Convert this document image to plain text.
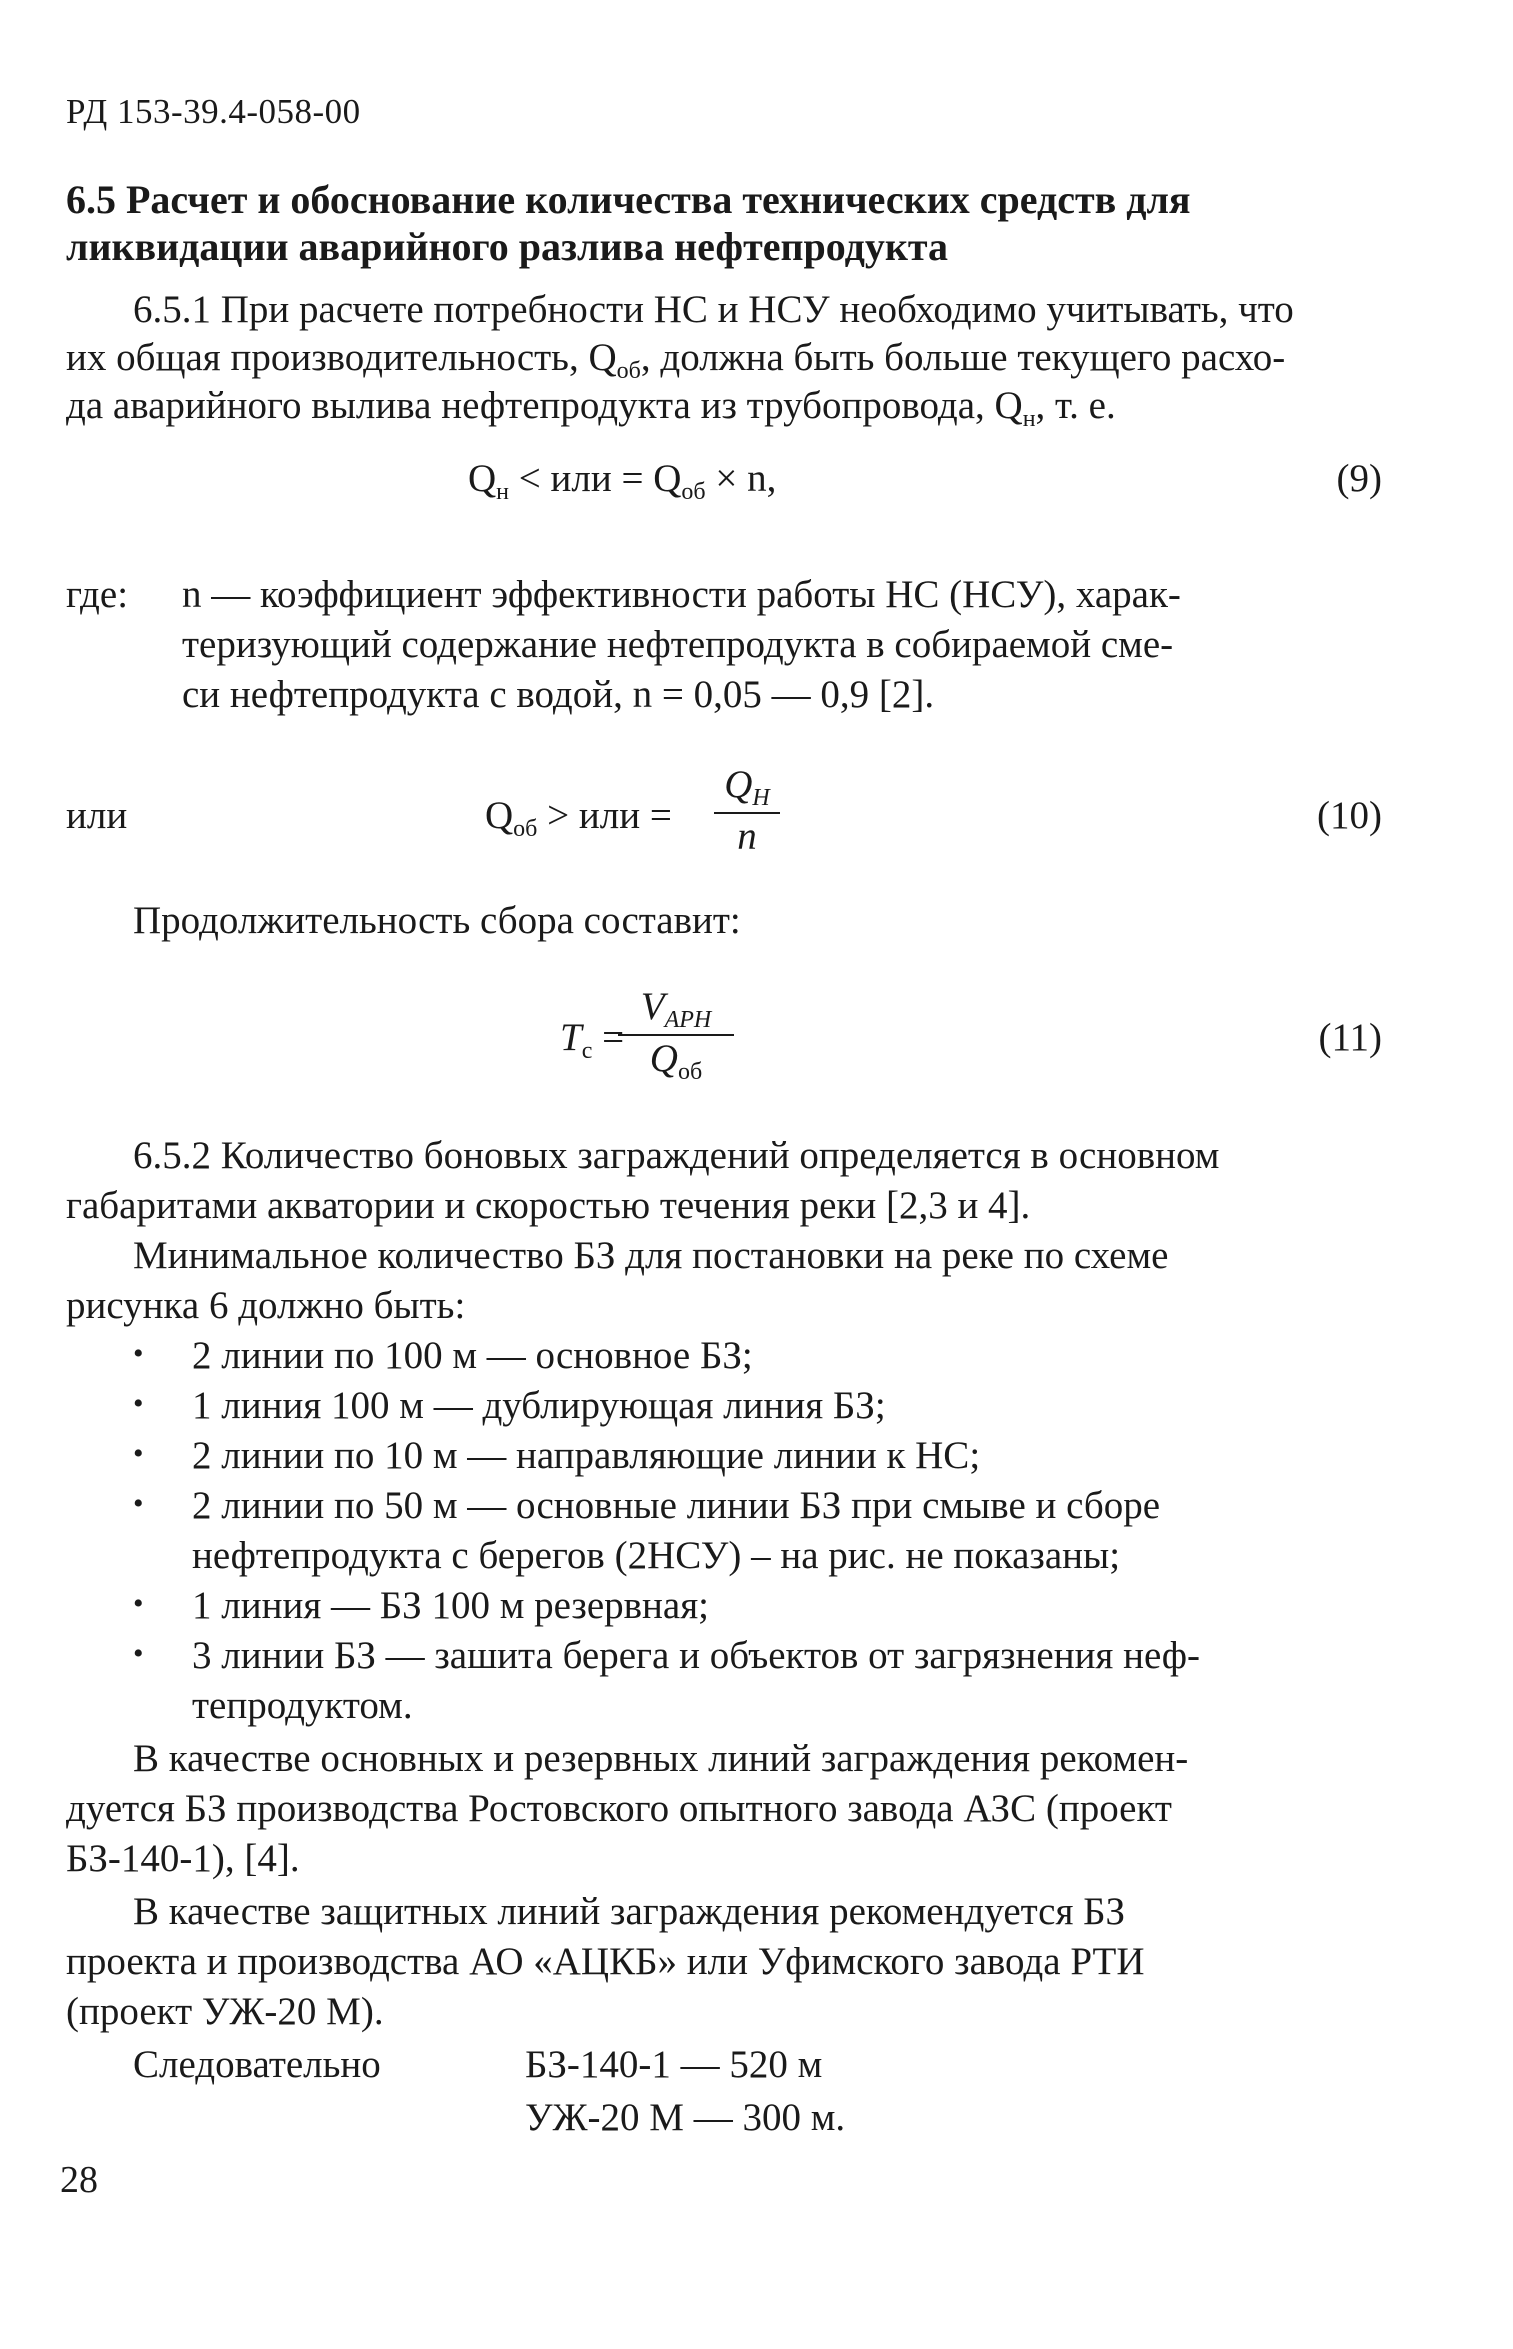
РД 153-39.4-058-00
6.5 Расчет и обоснование количества технических средств для
ликвидации аварийного разлива нефтепродукта
6.5.1 При расчете потребности НС и НСУ необходимо учитывать, что
их общая производительность, $Q_{об}$, должна быть больше текущего расхо-
да аварийного вылива нефтепродукта из трубопровода, $Q_н$, т. е.
$Q_н$ < или = $Q_{об} \times n$,	(9)
где: n — коэффициент эффективности работы НС (НСУ), харак-
теризующий содержание нефтепродукта в собираемой сме-
си нефтепродукта с водой, n = 0,05 — 0,9 [2].
или	$Q_{об}$ > или =
$Q_Н$
n	(10)
Продолжительность сбора составит:
$T_с$ =
$V_{АРН}$
$Q_{об}$
(11)
6.5.2 Количество боновых заграждений определяется в основном
габаритами акватории и скоростью течения реки [2,3 и 4].
Минимальное количество БЗ для постановки на реке по схеме
рисунка 6 должно быть:
• 2 линии по 100 м — основное БЗ;
• 1 линия 100 м — дублирующая линия БЗ;
• 2 линии по 10 м — направляющие линии к НС;
• 2 линии по 50 м — основные линии БЗ при смыве и сборе
нефтепродукта с берегов (2НСУ) – на рис. не показаны;
• 1 линия — БЗ 100 м резервная;
• 3 линии БЗ — зашита берега и объектов от загрязнения неф-
тепродуктом.
В качестве основных и резервных линий заграждения рекомен-
дуется БЗ производства Ростовского опытного завода АЗС (проект
БЗ-140-1), [4].
В качестве защитных линий заграждения рекомендуется БЗ
проекта и производства АО «АЦКБ» или Уфимского завода РТИ
(проект УЖ-20 М).
Следовательно	БЗ-140-1 — 520 м
УЖ-20 М — 300 м.
28
